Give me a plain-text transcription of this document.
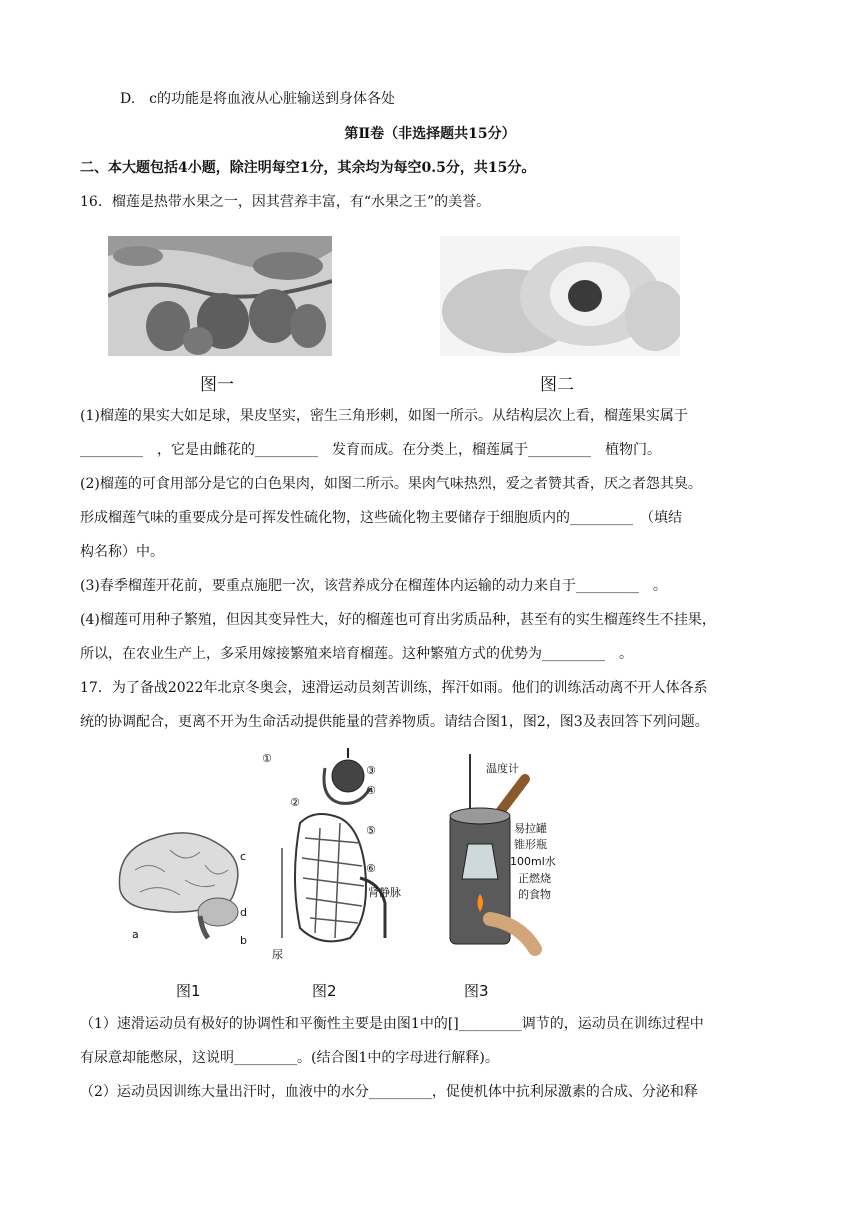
D.　c的功能是将血液从心脏输送到身体各处
第Ⅱ卷（非选择题共15分）
二、本大题包括4小题，除注明每空1分，其余均为每空0.5分，共15分。
16．榴莲是热带水果之一，因其营养丰富，有“水果之王”的美誉。
图一	图二
(1)榴莲的果实大如足球，果皮坚实，密生三角形刺，如图一所示。从结构层次上看，榴莲果实属于
_________　，它是由雌花的_________　发育而成。在分类上，榴莲属于_________　植物门。
(2)榴莲的可食用部分是它的白色果肉，如图二所示。果肉气味热烈，爱之者赞其香，厌之者怨其臭。
形成榴莲气味的重要成分是可挥发性硫化物，这些硫化物主要储存于细胞质内的_________　（填结
构名称）中。
(3)春季榴莲开花前，要重点施肥一次，该营养成分在榴莲体内运输的动力来自于_________　。
(4)榴莲可用种子繁殖，但因其变异性大，好的榴莲也可育出劣质品种，甚至有的实生榴莲终生不挂果，
所以，在农业生产上，多采用嫁接繁殖来培育榴莲。这种繁殖方式的优势为_________　。
17．为了备战2022年北京冬奥会，速滑运动员刻苦训练，挥汗如雨。他们的训练活动离不开人体各系
统的协调配合，更离不开为生命活动提供能量的营养物质。请结合图1，图2，图3及表回答下列问题。
c
d
a	b
图1
①
②
③
④
⑤
⑥
肾静脉
尿
图2
温度计
易拉罐
锥形瓶
100ml水
正燃烧
的食物
图3
（1）速滑运动员有极好的协调性和平衡性主要是由图1中的[]_________调节的，运动员在训练过程中
有尿意却能憋尿，这说明_________。(结合图1中的字母进行解释)。
（2）运动员因训练大量出汗时，血液中的水分_________，促使机体中抗利尿激素的合成、分泌和释
